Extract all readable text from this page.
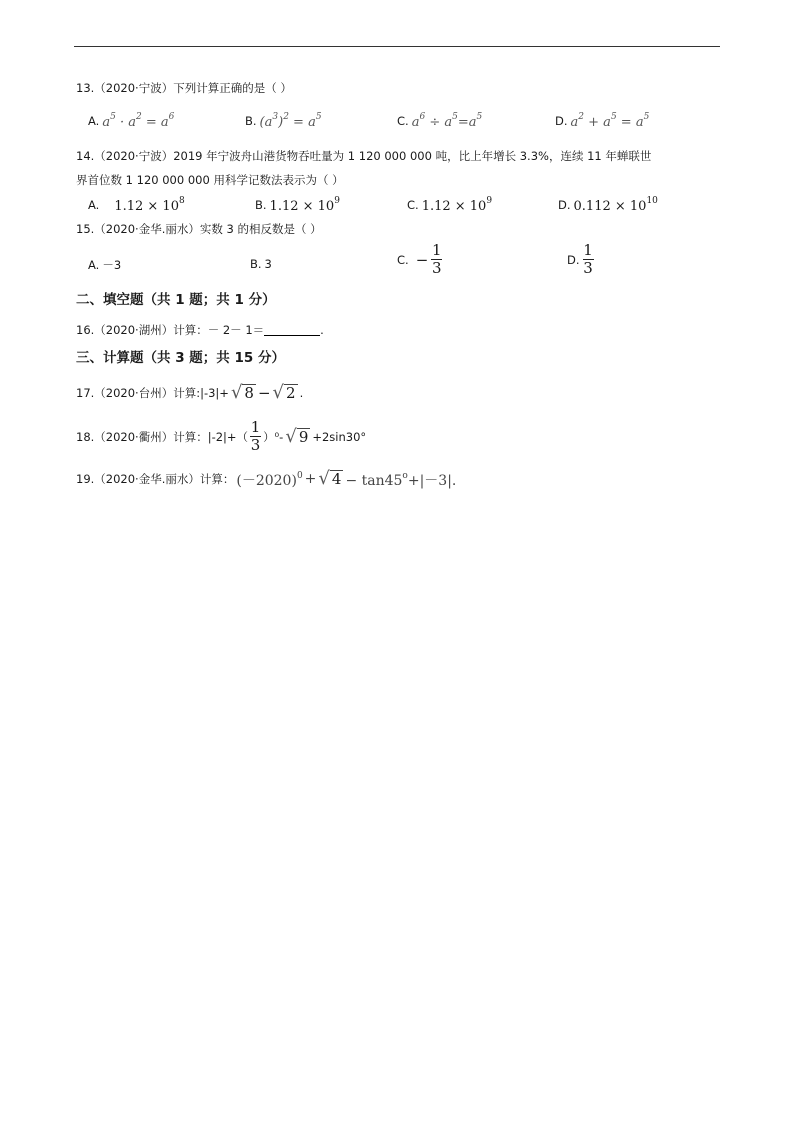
13.（2020·宁波）下列计算正确的是（ ）
A. $a^5 \cdot a^2 = a^6$	B. $(a^3)^2 = a^5$	C. $a^6 \div a^5=a^5$	D. $a^2 + a^5 = a^5$
14.（2020·宁波）2019 年宁波舟山港货物吞吐量为 1 120 000 000 吨，比上年增长 3.3%，连续 11 年蝉联世
界首位数 1 120 000 000 用科学记数法表示为（ ）
A. $1.12 \times 10^8$	B. $1.12 \times 10^9$	C. $1.12 \times 10^9$	D. $0.112 \times 10^{10}$
15.（2020·金华.丽水）实数 3 的相反数是（ ）
A. －3	B. 3	C. − $\frac{1}{3}$	D. $\frac{1}{3}$
二、填空题（共 1 题；共 1 分）
16.（2020·湖州）计算：－ 2－ 1＝	.
三、计算题（共 3 题；共 15 分）
17.（2020·台州）计算:|-3|+ √ 8 − √ 2 .
18.（2020·衢州）计算：$|-2|+( \frac{1}{3} )^0-$ √ 9 +2sin30°
19.（2020·金华.丽水）计算： $(-2020)^0$ + √ $4 - \tan 45^o+|-3|$.
